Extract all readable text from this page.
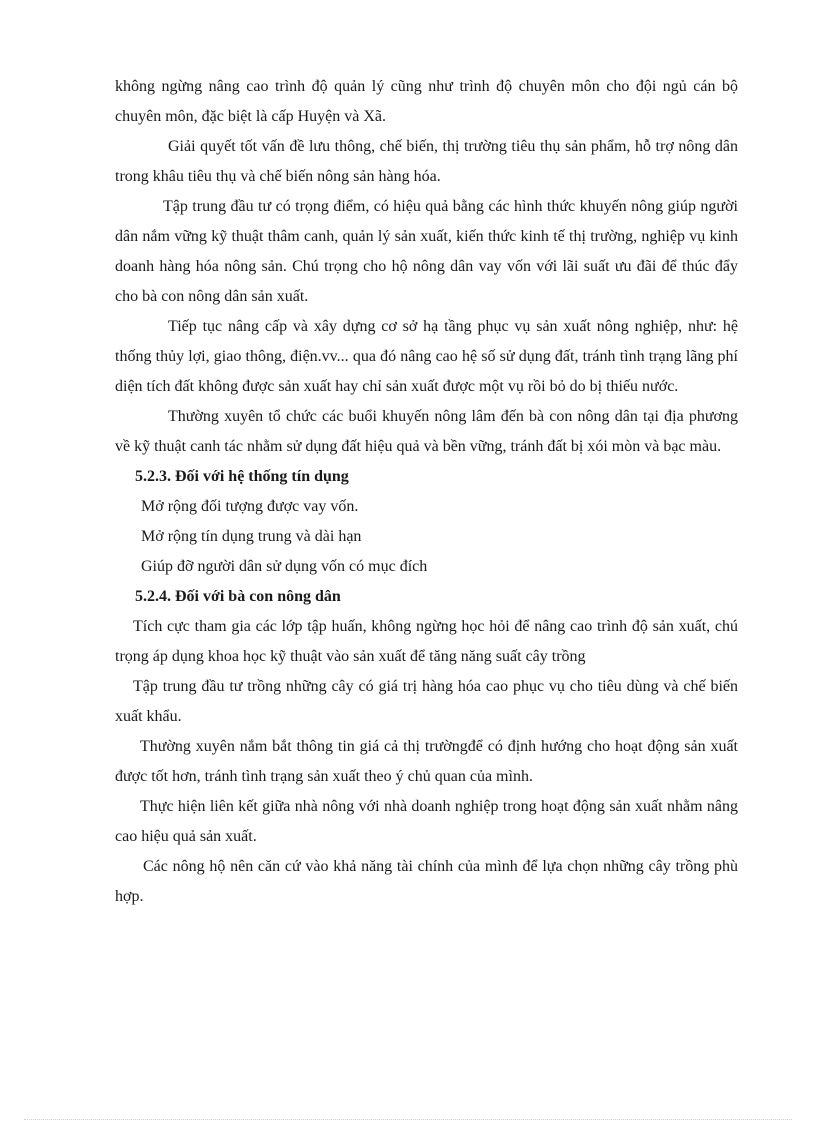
không ngừng nâng cao trình độ quản lý cũng như trình độ chuyên môn cho đội ngủ cán bộ chuyên môn, đặc biệt là cấp Huyện và Xã.

Giải quyết tốt vấn đề lưu thông, chế biến, thị trường tiêu thụ sản phẩm, hỗ trợ nông dân trong khâu tiêu thụ và chế biến nông sản hàng hóa.

Tập trung đầu tư có trọng điểm, có hiệu quả bằng các hình thức khuyến nông giúp người dân nắm vững kỹ thuật thâm canh, quản lý sản xuất, kiến thức kinh tế thị trường, nghiệp vụ kinh doanh hàng hóa nông sản. Chú trọng cho hộ nông dân vay vốn với lãi suất ưu đãi để thúc đẩy cho bà con nông dân sản xuất.

Tiếp tục nâng cấp và xây dựng cơ sở hạ tầng phục vụ sản xuất nông nghiệp, như: hệ thống thủy lợi, giao thông, điện.vv... qua đó nâng cao hệ số sử dụng đất, tránh tình trạng lãng phí diện tích đất không được sản xuất hay chỉ sản xuất được một vụ rồi bỏ do bị thiếu nước.

Thường xuyên tổ chức các buổi khuyến nông lâm đến bà con nông dân tại địa phương về kỹ thuật canh tác nhằm sử dụng đất hiệu quả và bền vững, tránh đất bị xói mòn và bạc màu.

5.2.3. Đối với hệ thống tín dụng

Mở rộng đối tượng được vay vốn.

Mở rộng tín dụng trung và dài hạn

Giúp đỡ người dân sử dụng vốn có mục đích

5.2.4. Đối với bà con nông dân

Tích cực tham gia các lớp tập huấn, không ngừng học hỏi để nâng cao trình độ sản xuất, chú trọng áp dụng khoa học kỹ thuật vào sản xuất để tăng năng suất cây trồng

Tập trung đầu tư trồng những cây có giá trị hàng hóa cao phục vụ cho tiêu dùng và chế biến xuất khẩu.

Thường xuyên nắm bắt thông tin giá cả thị trườngđể có định hướng cho hoạt động sản xuất được tốt hơn, tránh tình trạng sản xuất theo ý chủ quan của mình.

Thực hiện liên kết giữa nhà nông với nhà doanh nghiệp trong hoạt động sản xuất nhằm nâng cao hiệu quả sản xuất.

Các nông hộ nên căn cứ vào khả năng tài chính của mình để lựa chọn những cây trồng phù hợp.
